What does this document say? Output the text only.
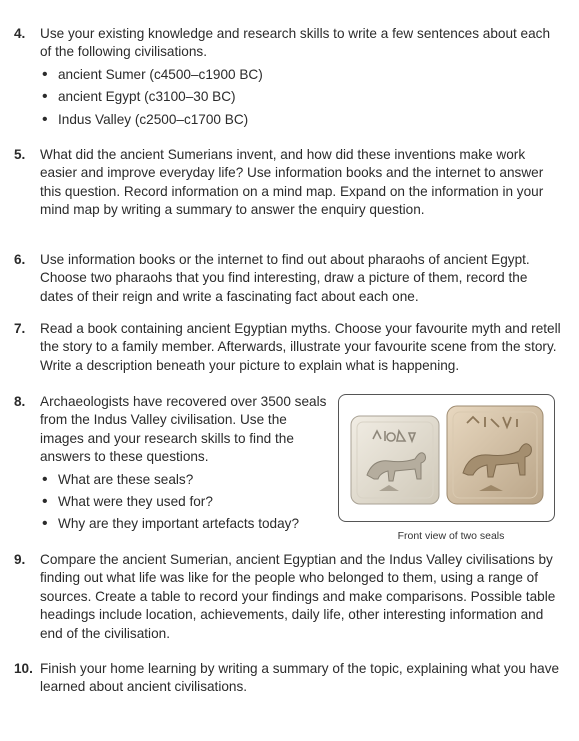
4.	Use your existing knowledge and research skills to write a few sentences about each of the following civilisations.
• ancient Sumer (c4500–c1900 BC)
• ancient Egypt (c3100–30 BC)
• Indus Valley (c2500–c1700 BC)
5.	What did the ancient Sumerians invent, and how did these inventions make work easier and improve everyday life? Use information books and the internet to answer this question. Record information on a mind map. Expand on the information in your mind map by writing a summary to answer the enquiry question.
6.	Use information books or the internet to find out about pharaohs of ancient Egypt. Choose two pharaohs that you find interesting, draw a picture of them, record the dates of their reign and write a fascinating fact about each one.
7.	Read a book containing ancient Egyptian myths. Choose your favourite myth and retell the story to a family member. Afterwards, illustrate your favourite scene from the story. Write a description beneath your picture to explain what is happening.
8.	Archaeologists have recovered over 3500 seals from the Indus Valley civilisation. Use the images and your research skills to find the answers to these questions.
• What are these seals?
• What were they used for?
• Why are they important artefacts today?
Front view of two seals
9.	Compare the ancient Sumerian, ancient Egyptian and the Indus Valley civilisations by finding out what life was like for the people who belonged to them, using a range of sources. Create a table to record your findings and make comparisons. Possible table headings include location, achievements, daily life, other interesting information and end of the civilisation.
10. Finish your home learning by writing a summary of the topic, explaining what you have learned about ancient civilisations.
